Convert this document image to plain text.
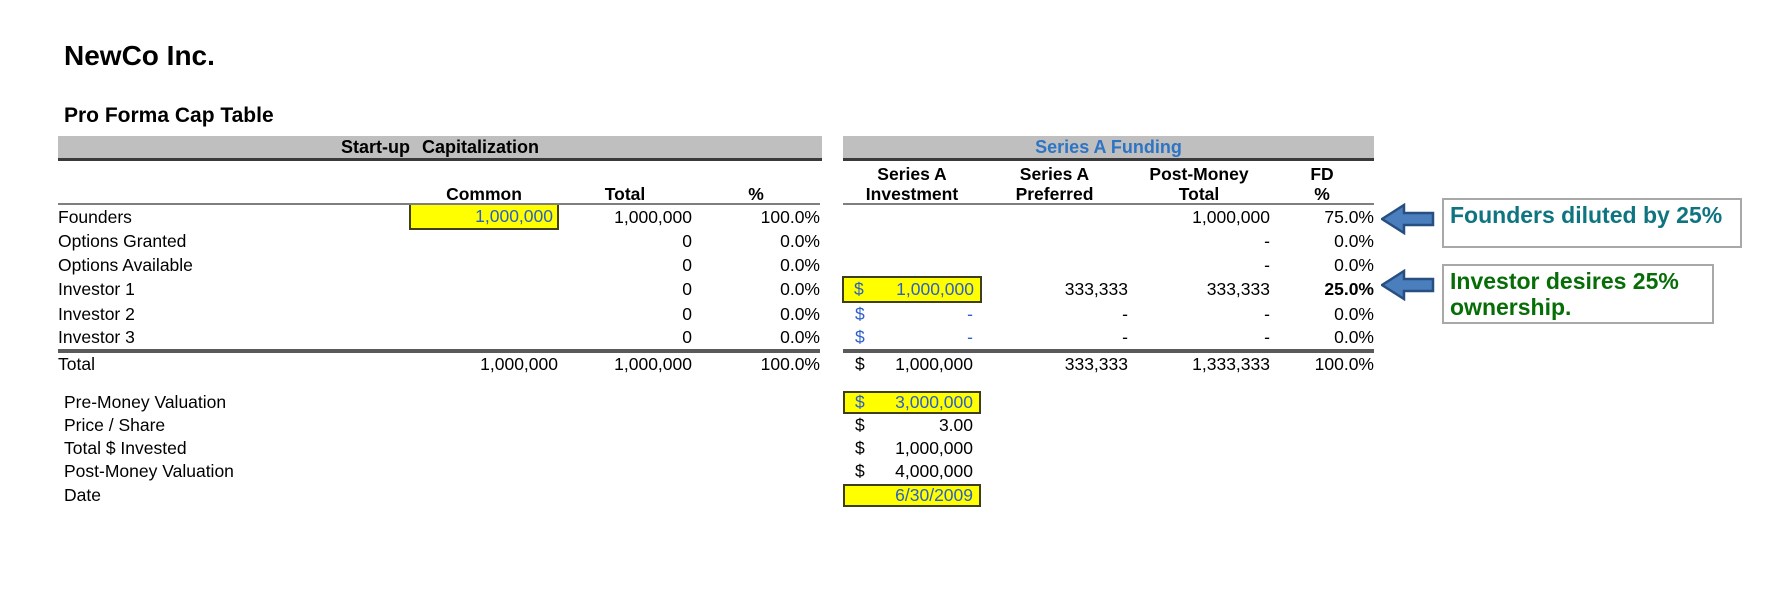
NewCo Inc.
Pro Forma Cap Table
Start-up Capitalization	Series A Funding
					Series A	Series A	Post-Money	FD
	Common	Total	%		Investment	Preferred	Total	%
Founders	1,000,000	1,000,000	100.0%				1,000,000	75.0%
Options Granted		0	0.0%				-	0.0%
Options Available		0	0.0%				-	0.0%
Investor 1		0	0.0%		$ 1,000,000	333,333	333,333	25.0%
Investor 2		0	0.0%		$ -	-	-	0.0%
Investor 3		0	0.0%		$ -	-	-	0.0%
Total	1,000,000	1,000,000	100.0%		$ 1,000,000	333,333	1,333,333	100.0%
Pre-Money Valuation	$ 3,000,000
Price / Share	$	3.00
Total $ Invested	$ 1,000,000
Post-Money Valuation	$ 4,000,000
Date	6/30/2009
Founders diluted by 25%
Investor desires 25% ownership.
